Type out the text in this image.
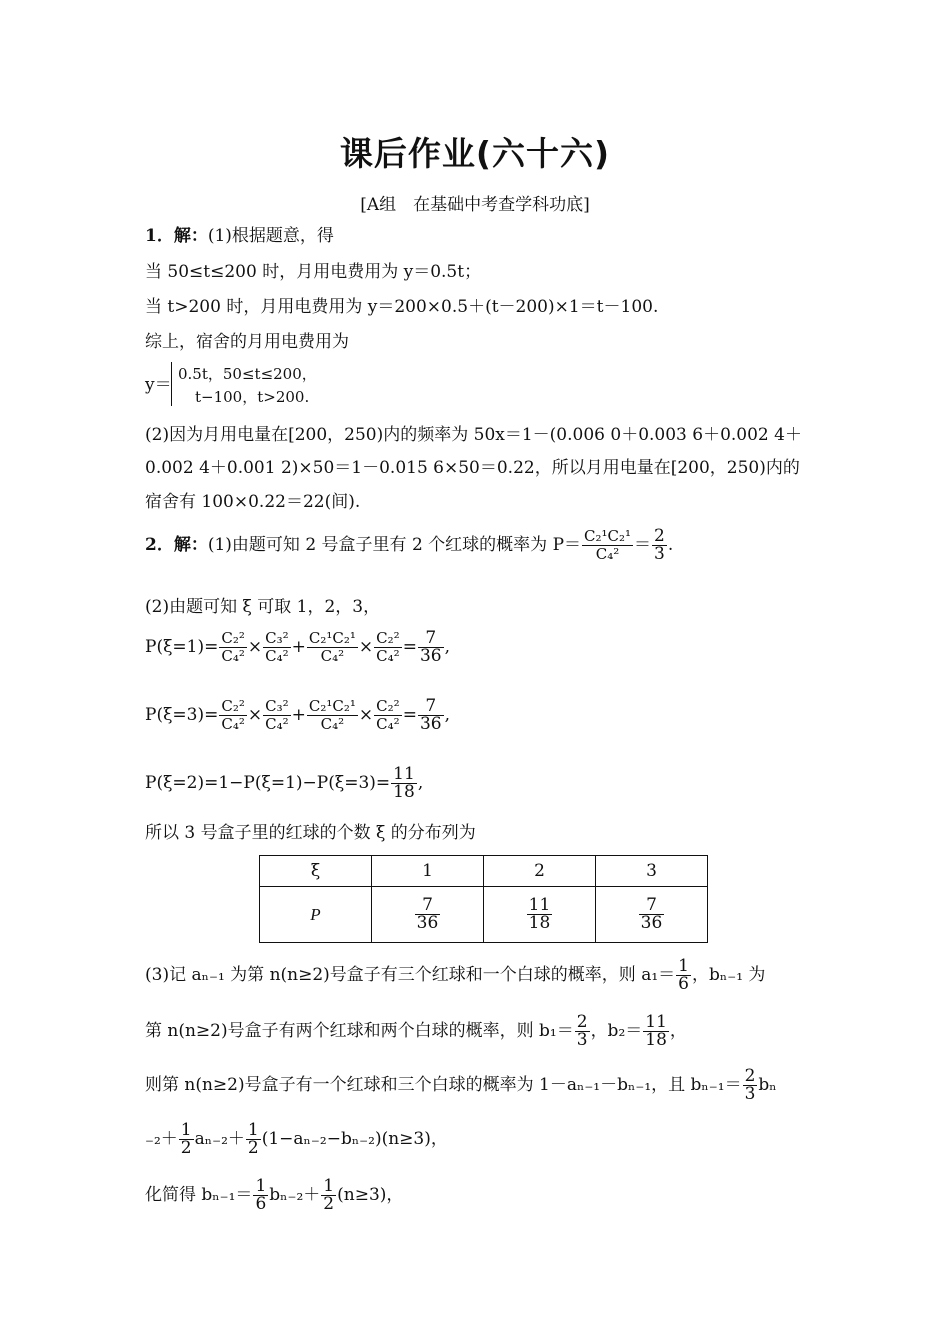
课后作业(六十六)
[A组　在基础中考查学科功底]
1．解：(1)根据题意，得
当 50≤t≤200 时，月用电费用为 y＝0.5t；
当 t>200 时，月用电费用为 y＝200×0.5＋(t－200)×1＝t－100.
综上，宿舍的月用电费用为
y＝
0.5t，50≤t≤200，
t−100，t>200.
(2)因为月用电量在[200，250)内的频率为 50x＝1－(0.006 0＋0.003 6＋0.002 4＋
0.002 4＋0.001 2)×50＝1－0.015 6×50＝0.22，所以月用电量在[200，250)内的
宿舍有 100×0.22＝22(间).
2．解：(1)由题可知 2 号盒子里有 2 个红球的概率为 $P= \frac{\text{C₂¹C₂¹}}{\text{C₄²}} = \frac{2}{3}$ .
(2)由题可知 ξ 可取 1，2，3，
$P(\xi=1)= \frac{\text{C₂²}}{\text{C₄²}} \times \frac{\text{C₃²}}{\text{C₄²}} + \frac{\text{C₂¹C₂¹}}{\text{C₄²}} \times \frac{\text{C₂²}}{\text{C₄²}} = \frac{7}{36}$ ,
$P(\xi=3)= \frac{\text{C₂²}}{\text{C₄²}} \times \frac{\text{C₃²}}{\text{C₄²}} + \frac{\text{C₂¹C₂¹}}{\text{C₄²}} \times \frac{\text{C₂²}}{\text{C₄²}} = \frac{7}{36}$ ,
$P(\xi=2)=1-P(\xi=1)-P(\xi=3)= \frac{11}{18}$ ,
所以 3 号盒子里的红球的个数 ξ 的分布列为
ξ	1	2	3
P	$\frac{7}{36}$	$\frac{11}{18}$	$\frac{7}{36}$
(3)记 aₙ₋₁ 为第 n(n≥2)号盒子有三个红球和一个白球的概率，则 $a_1= \frac{1}{6}$ ，bₙ₋₁ 为
第 n(n≥2)号盒子有两个红球和两个白球的概率，则 $b_1= \frac{2}{3}$ ，$b_2= \frac{11}{18}$ ，
则第 n(n≥2)号盒子有一个红球和三个白球的概率为 1－aₙ₋₁－bₙ₋₁，且 $b_{n-1}= \frac{2}{3}$ bₙ
$_{-2}+ \frac{1}{2} a_{n-2}+ \frac{1}{2} (1-a_{n-2}-b_{n-2})(n\ge 3)$，
化简得 $b_{n-1}= \frac{1}{6} b_{n-2}+ \frac{1}{2} (n\ge 3)$，
